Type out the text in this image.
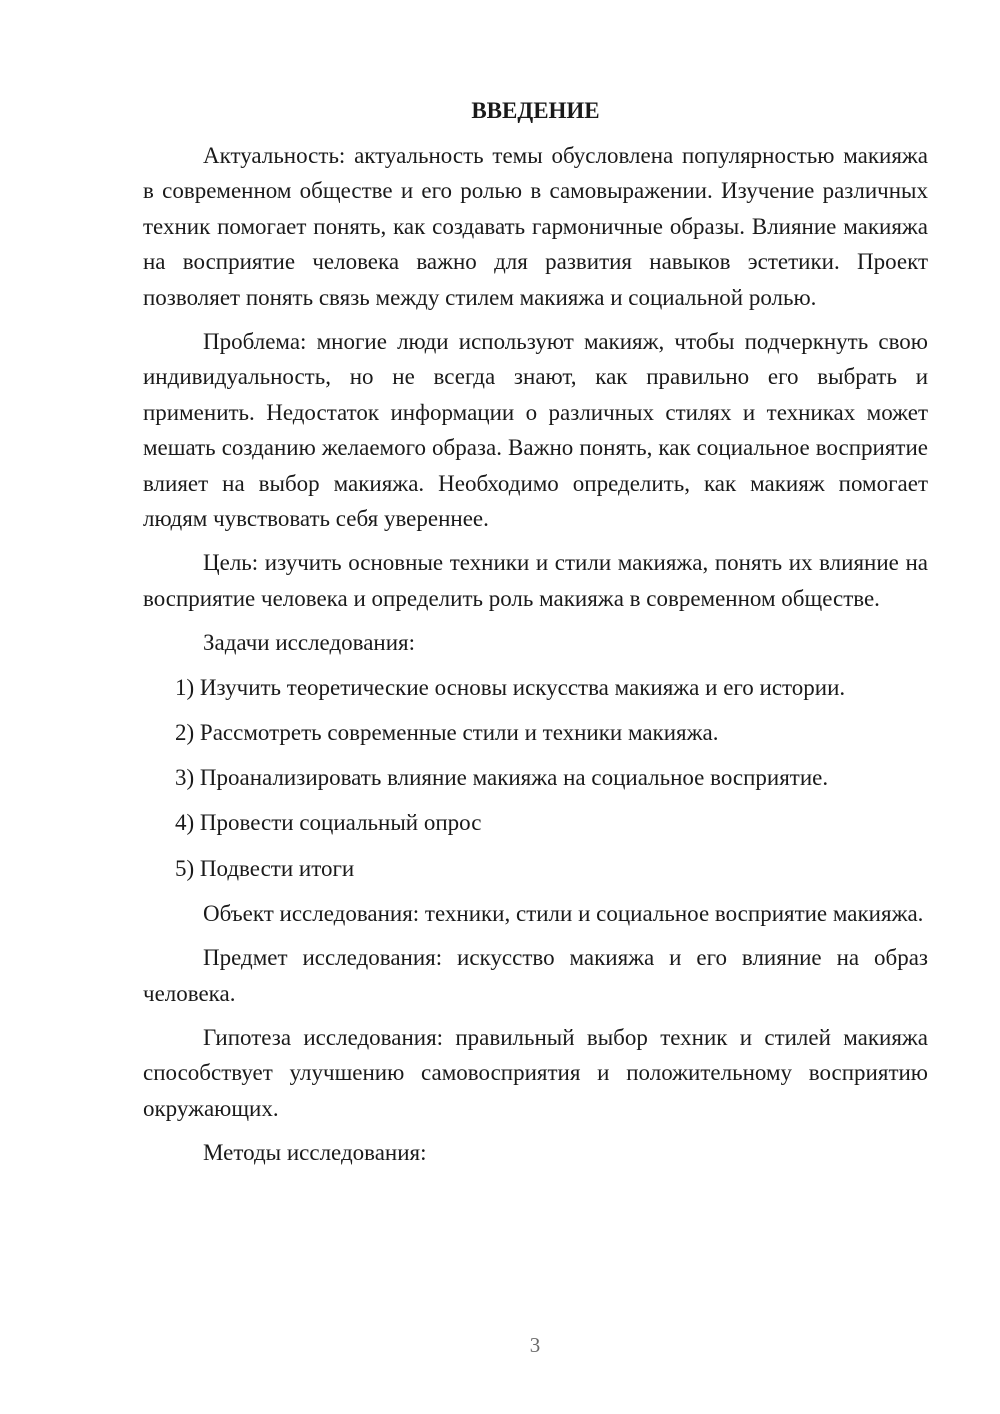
ВВЕДЕНИЕ

Актуальность: актуальность темы обусловлена популярностью макияжа в современном обществе и его ролью в самовыражении. Изучение различных техник помогает понять, как создавать гармоничные образы. Влияние макияжа на восприятие человека важно для развития навыков эстетики. Проект позволяет понять связь между стилем макияжа и социальной ролью.

Проблема: многие люди используют макияж, чтобы подчеркнуть свою индивидуальность, но не всегда знают, как правильно его выбрать и применить. Недостаток информации о различных стилях и техниках может мешать созданию желаемого образа. Важно понять, как социальное восприятие влияет на выбор макияжа. Необходимо определить, как макияж помогает людям чувствовать себя увереннее.

Цель: изучить основные техники и стили макияжа, понять их влияние на восприятие человека и определить роль макияжа в современном обществе.

Задачи исследования:

1) Изучить теоретические основы искусства макияжа и его истории.
2) Рассмотреть современные стили и техники макияжа.
3) Проанализировать влияние макияжа на социальное восприятие.
4) Провести социальный опрос
5) Подвести итоги

Объект исследования: техники, стили и социальное восприятие макияжа.

Предмет исследования: искусство макияжа и его влияние на образ человека.

Гипотеза исследования: правильный выбор техник и стилей макияжа способствует улучшению самовосприятия и положительному восприятию окружающих.

Методы исследования:

3
